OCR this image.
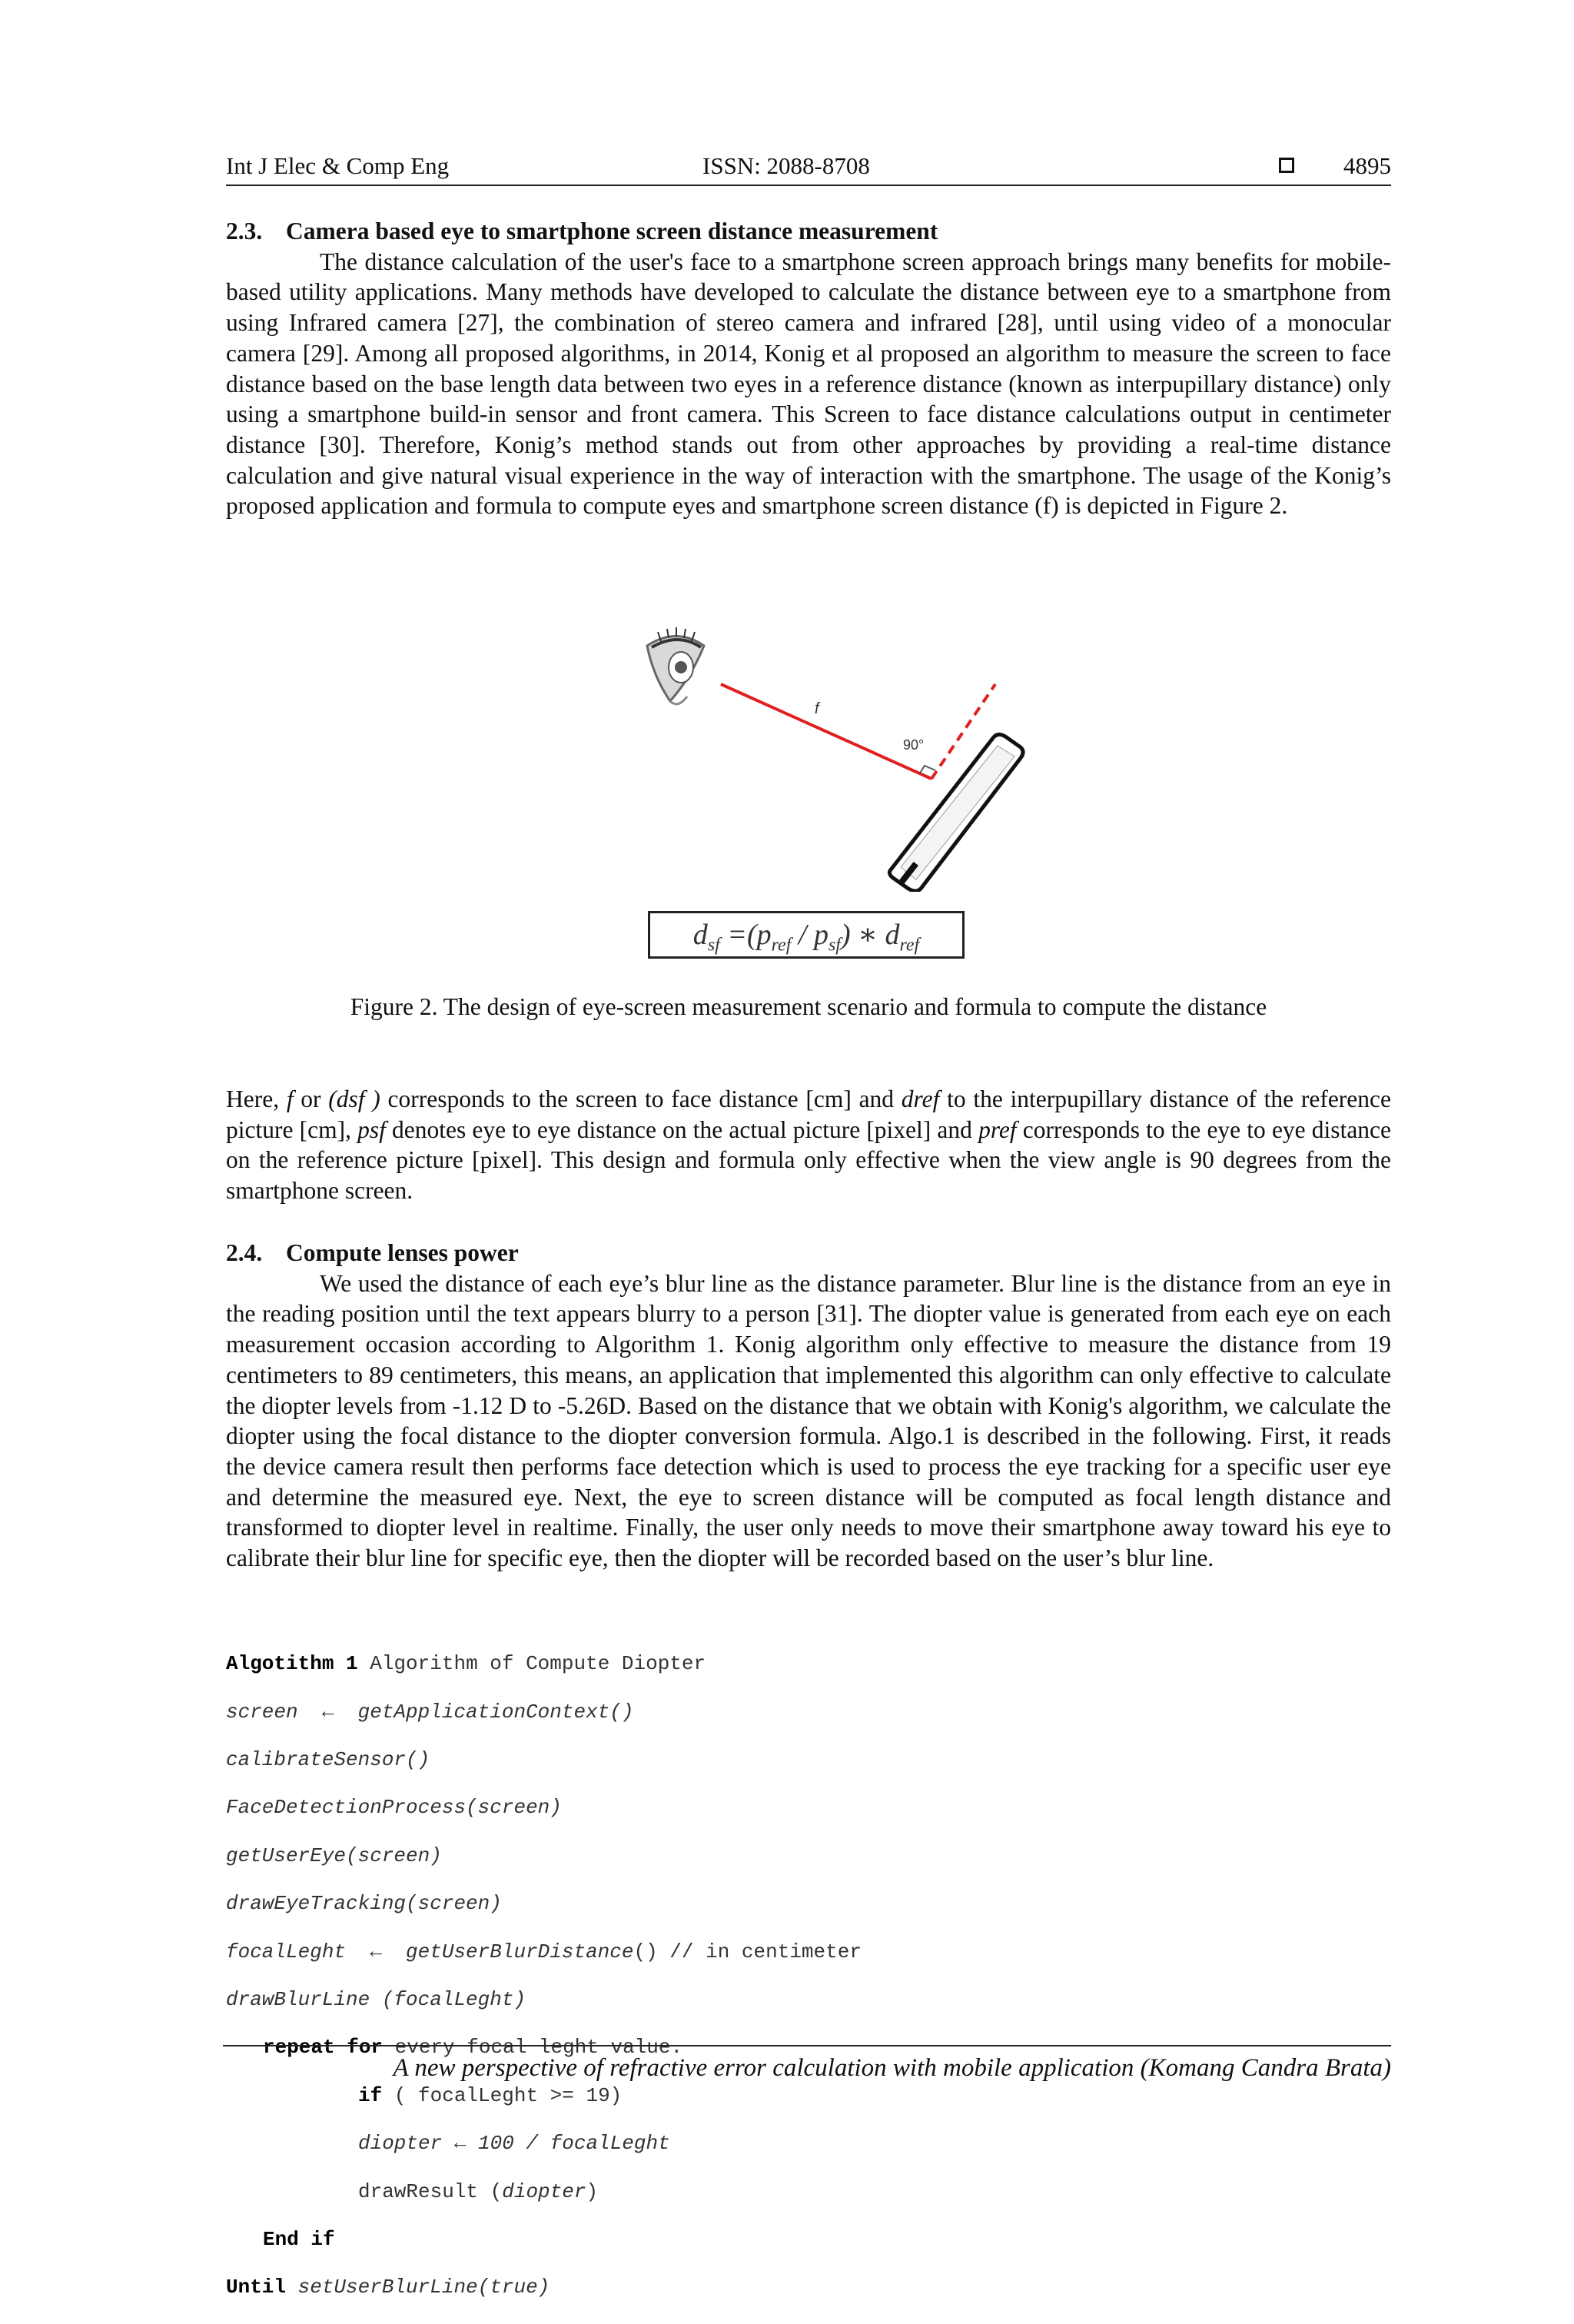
Int J Elec & Comp Eng	ISSN: 2088-8708	4895
2.3. Camera based eye to smartphone screen distance measurement

The distance calculation of the user's face to a smartphone screen approach brings many benefits for mobile-based utility applications. Many methods have developed to calculate the distance between eye to a smartphone from using Infrared camera [27], the combination of stereo camera and infrared [28], until using video of a monocular camera [29]. Among all proposed algorithms, in 2014, Konig et al proposed an algorithm to measure the screen to face distance based on the base length data between two eyes in a reference distance (known as interpupillary distance) only using a smartphone build-in sensor and front camera. This Screen to face distance calculations output in centimeter distance [30]. Therefore, Konig’s method stands out from other approaches by providing a real-time distance calculation and give natural visual experience in the way of interaction with the smartphone. The usage of the Konig’s proposed application and formula to compute eyes and smartphone screen distance (f) is depicted in Figure 2.

f
90°
$d_{sf} =(p_{ref} / p_{sf})$ ∗ $d_{ref}$
Figure 2. The design of eye-screen measurement scenario and formula to compute the distance

Here, f or (dsf ) corresponds to the screen to face distance [cm] and dref to the interpupillary distance of the reference picture [cm], psf denotes eye to eye distance on the actual picture [pixel] and pref corresponds to the eye to eye distance on the reference picture [pixel]. This design and formula only effective when the view angle is 90 degrees from the smartphone screen.

2.4. Compute lenses power

We used the distance of each eye’s blur line as the distance parameter. Blur line is the distance from an eye in the reading position until the text appears blurry to a person [31]. The diopter value is generated from each eye on each measurement occasion according to Algorithm 1. Konig algorithm only effective to measure the distance from 19 centimeters to 89 centimeters, this means, an application that implemented this algorithm can only effective to calculate the diopter levels from -1.12 D to -5.26D. Based on the distance that we obtain with Konig's algorithm, we calculate the diopter using the focal distance to the diopter conversion formula. Algo.1 is described in the following. First, it reads the device camera result then performs face detection which is used to process the eye tracking for a specific user eye and determine the measured eye. Next, the eye to screen distance will be computed as focal length distance and transformed to diopter level in realtime. Finally, the user only needs to move their smartphone away toward his eye to calibrate their blur line for specific eye, then the diopter will be recorded based on the user’s blur line.

Algotithm 1 Algorithm of Compute Diopter

screen  ←  getApplicationContext()

calibrateSensor()

FaceDetectionProcess(screen)

getUserEye(screen)

drawEyeTracking(screen)

focalLeght  ←  getUserBlurDistance() // in centimeter

drawBlurLine (focalLeght)

repeat for every focal leght value.

if ( focalLeght >= 19)

diopter ← 100 / focalLeght

drawResult (diopter)

End if

Until setUserBlurLine(true)

A new perspective of refractive error calculation with mobile application (Komang Candra Brata)
